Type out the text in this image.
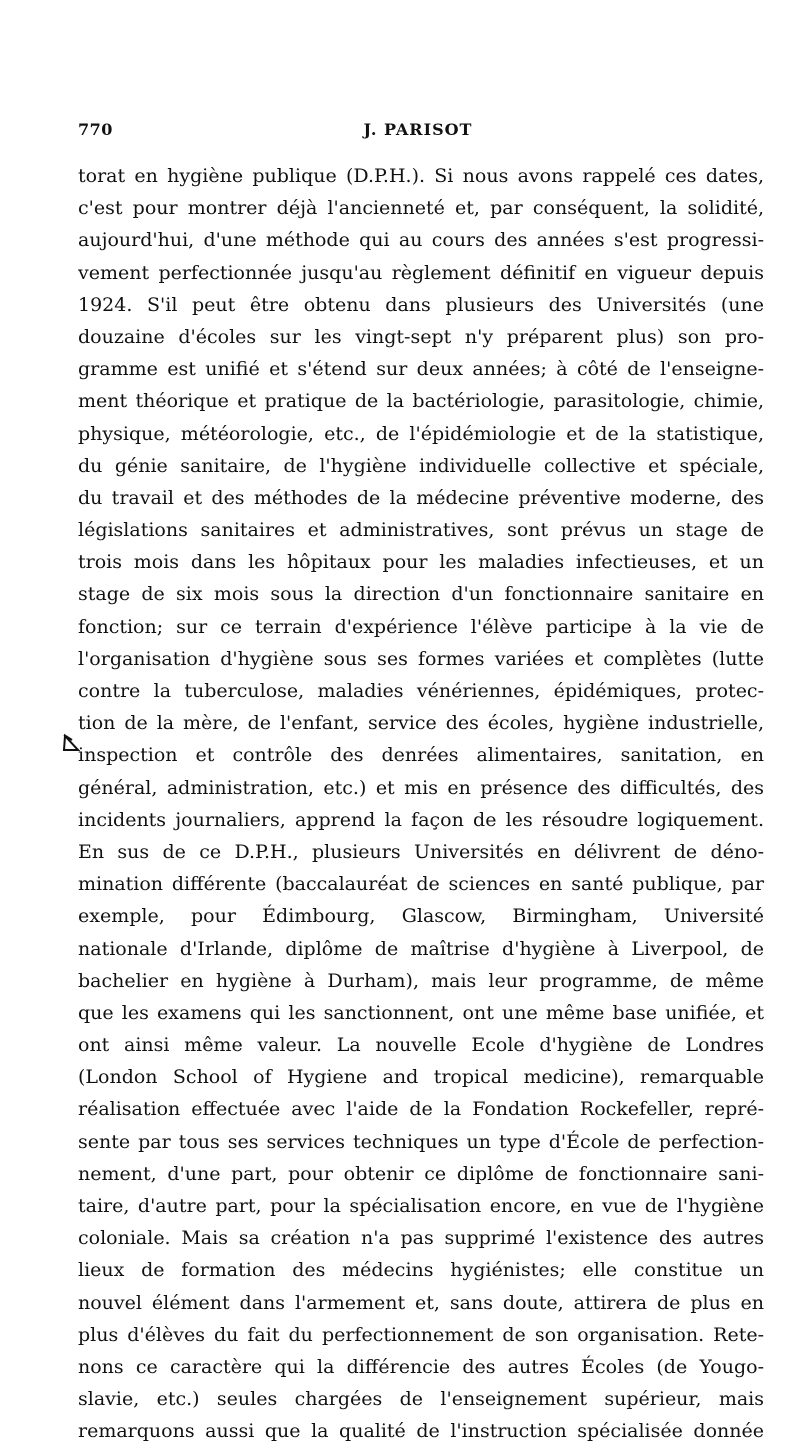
770	J. PARISOT
torat en hygiène publique (D.P.H.). Si nous avons rappelé ces dates,
c'est pour montrer déjà l'ancienneté et, par conséquent, la solidité,
aujourd'hui, d'une méthode qui au cours des années s'est progressi-
vement perfectionnée jusqu'au règlement définitif en vigueur depuis
1924. S'il peut être obtenu dans plusieurs des Universités (une
douzaine d'écoles sur les vingt-sept n'y préparent plus) son pro-
gramme est unifié et s'étend sur deux années; à côté de l'enseigne-
ment théorique et pratique de la bactériologie, parasitologie, chimie,
physique, météorologie, etc., de l'épidémiologie et de la statistique,
du génie sanitaire, de l'hygiène individuelle collective et spéciale,
du travail et des méthodes de la médecine préventive moderne, des
législations sanitaires et administratives, sont prévus un stage de
trois mois dans les hôpitaux pour les maladies infectieuses, et un
stage de six mois sous la direction d'un fonctionnaire sanitaire en
fonction; sur ce terrain d'expérience l'élève participe à la vie de
l'organisation d'hygiène sous ses formes variées et complètes (lutte
contre la tuberculose, maladies vénériennes, épidémiques, protec-
tion de la mère, de l'enfant, service des écoles, hygiène industrielle,
inspection et contrôle des denrées alimentaires, sanitation, en
général, administration, etc.) et mis en présence des difficultés, des
incidents journaliers, apprend la façon de les résoudre logiquement.
En sus de ce D.P.H., plusieurs Universités en délivrent de déno-
mination différente (baccalauréat de sciences en santé publique, par
exemple, pour Édimbourg, Glascow, Birmingham, Université
nationale d'Irlande, diplôme de maîtrise d'hygiène à Liverpool, de
bachelier en hygiène à Durham), mais leur programme, de même
que les examens qui les sanctionnent, ont une même base unifiée, et
ont ainsi même valeur. La nouvelle Ecole d'hygiène de Londres
(London School of Hygiene and tropical medicine), remarquable
réalisation effectuée avec l'aide de la Fondation Rockefeller, repré-
sente par tous ses services techniques un type d'École de perfection-
nement, d'une part, pour obtenir ce diplôme de fonctionnaire sani-
taire, d'autre part, pour la spécialisation encore, en vue de l'hygiène
coloniale. Mais sa création n'a pas supprimé l'existence des autres
lieux de formation des médecins hygiénistes; elle constitue un
nouvel élément dans l'armement et, sans doute, attirera de plus en
plus d'élèves du fait du perfectionnement de son organisation. Rete-
nons ce caractère qui la différencie des autres Écoles (de Yougo-
slavie, etc.) seules chargées de l'enseignement supérieur, mais
remarquons aussi que la qualité de l'instruction spécialisée donnée
